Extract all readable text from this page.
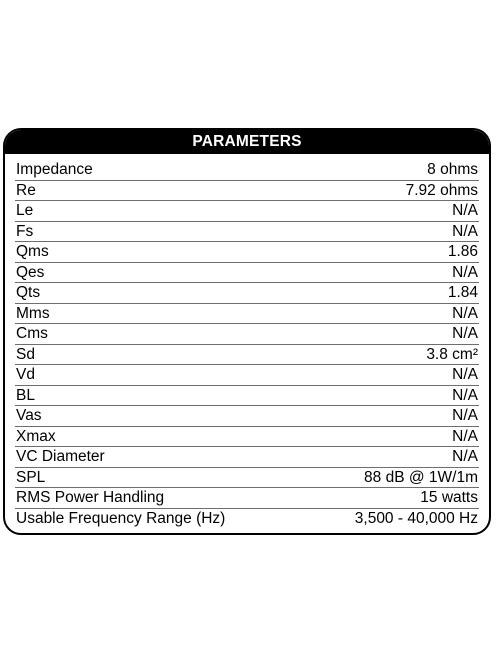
PARAMETERS
Impedance	8 ohms
Re	7.92 ohms
Le	N/A
Fs	N/A
Qms	1.86
Qes	N/A
Qts	1.84
Mms	N/A
Cms	N/A
Sd	3.8 cm²
Vd	N/A
BL	N/A
Vas	N/A
Xmax	N/A
VC Diameter	N/A
SPL	88 dB @ 1W/1m
RMS Power Handling	15 watts
Usable Frequency Range (Hz)	3,500 - 40,000 Hz
